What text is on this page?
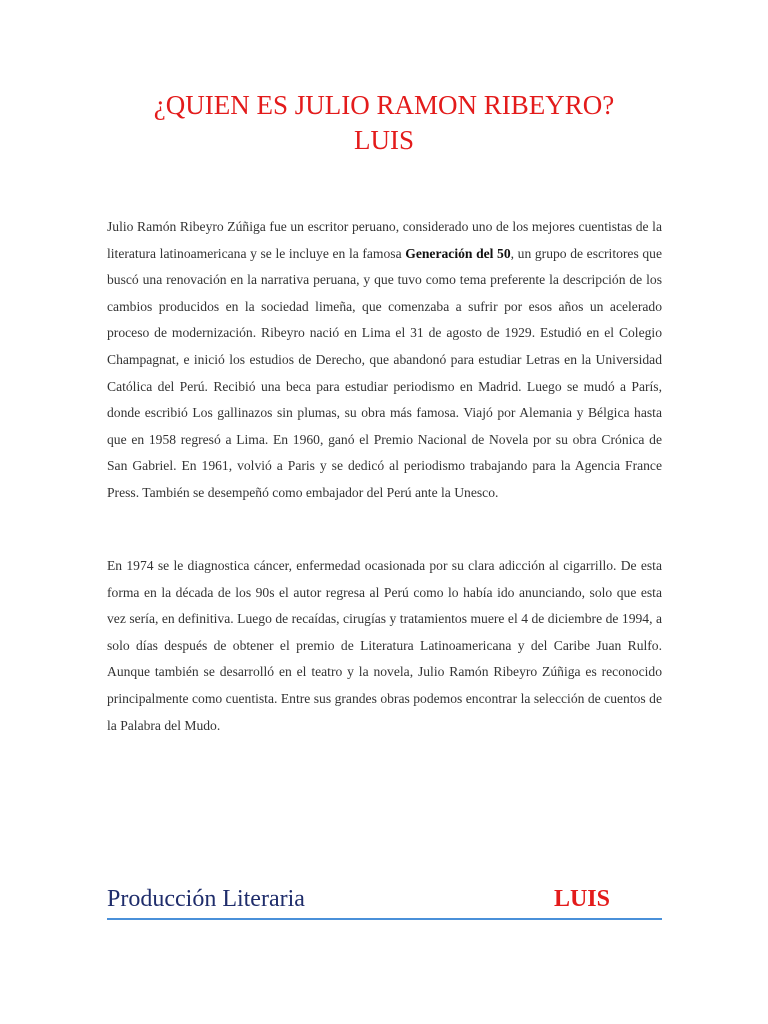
¿QUIEN ES JULIO RAMON RIBEYRO?
LUIS

Julio Ramón Ribeyro Zúñiga fue un escritor peruano, considerado uno de los mejores cuentistas de la literatura latinoamericana y se le incluye en la famosa Generación del 50, un grupo de escritores que buscó una renovación en la narrativa peruana, y que tuvo como tema preferente la descripción de los cambios producidos en la sociedad limeña, que comenzaba a sufrir por esos años un acelerado proceso de modernización. Ribeyro nació en Lima el 31 de agosto de 1929. Estudió en el Colegio Champagnat, e inició los estudios de Derecho, que abandonó para estudiar Letras en la Universidad Católica del Perú. Recibió una beca para estudiar periodismo en Madrid. Luego se mudó a París, donde escribió Los gallinazos sin plumas, su obra más famosa. Viajó por Alemania y Bélgica hasta que en 1958 regresó a Lima. En 1960, ganó el Premio Nacional de Novela por su obra Crónica de San Gabriel. En 1961, volvió a Paris y se dedicó al periodismo trabajando para la Agencia France Press. También se desempeñó como embajador del Perú ante la Unesco.

En 1974 se le diagnostica cáncer, enfermedad ocasionada por su clara adicción al cigarrillo. De esta forma en la década de los 90s el autor regresa al Perú como lo había ido anunciando, solo que esta vez sería, en definitiva. Luego de recaídas, cirugías y tratamientos muere el 4 de diciembre de 1994, a solo días después de obtener el premio de Literatura Latinoamericana y del Caribe Juan Rulfo. Aunque también se desarrolló en el teatro y la novela, Julio Ramón Ribeyro Zúñiga es reconocido principalmente como cuentista. Entre sus grandes obras podemos encontrar la selección de cuentos de la Palabra del Mudo.

Producción Literaria	LUIS
